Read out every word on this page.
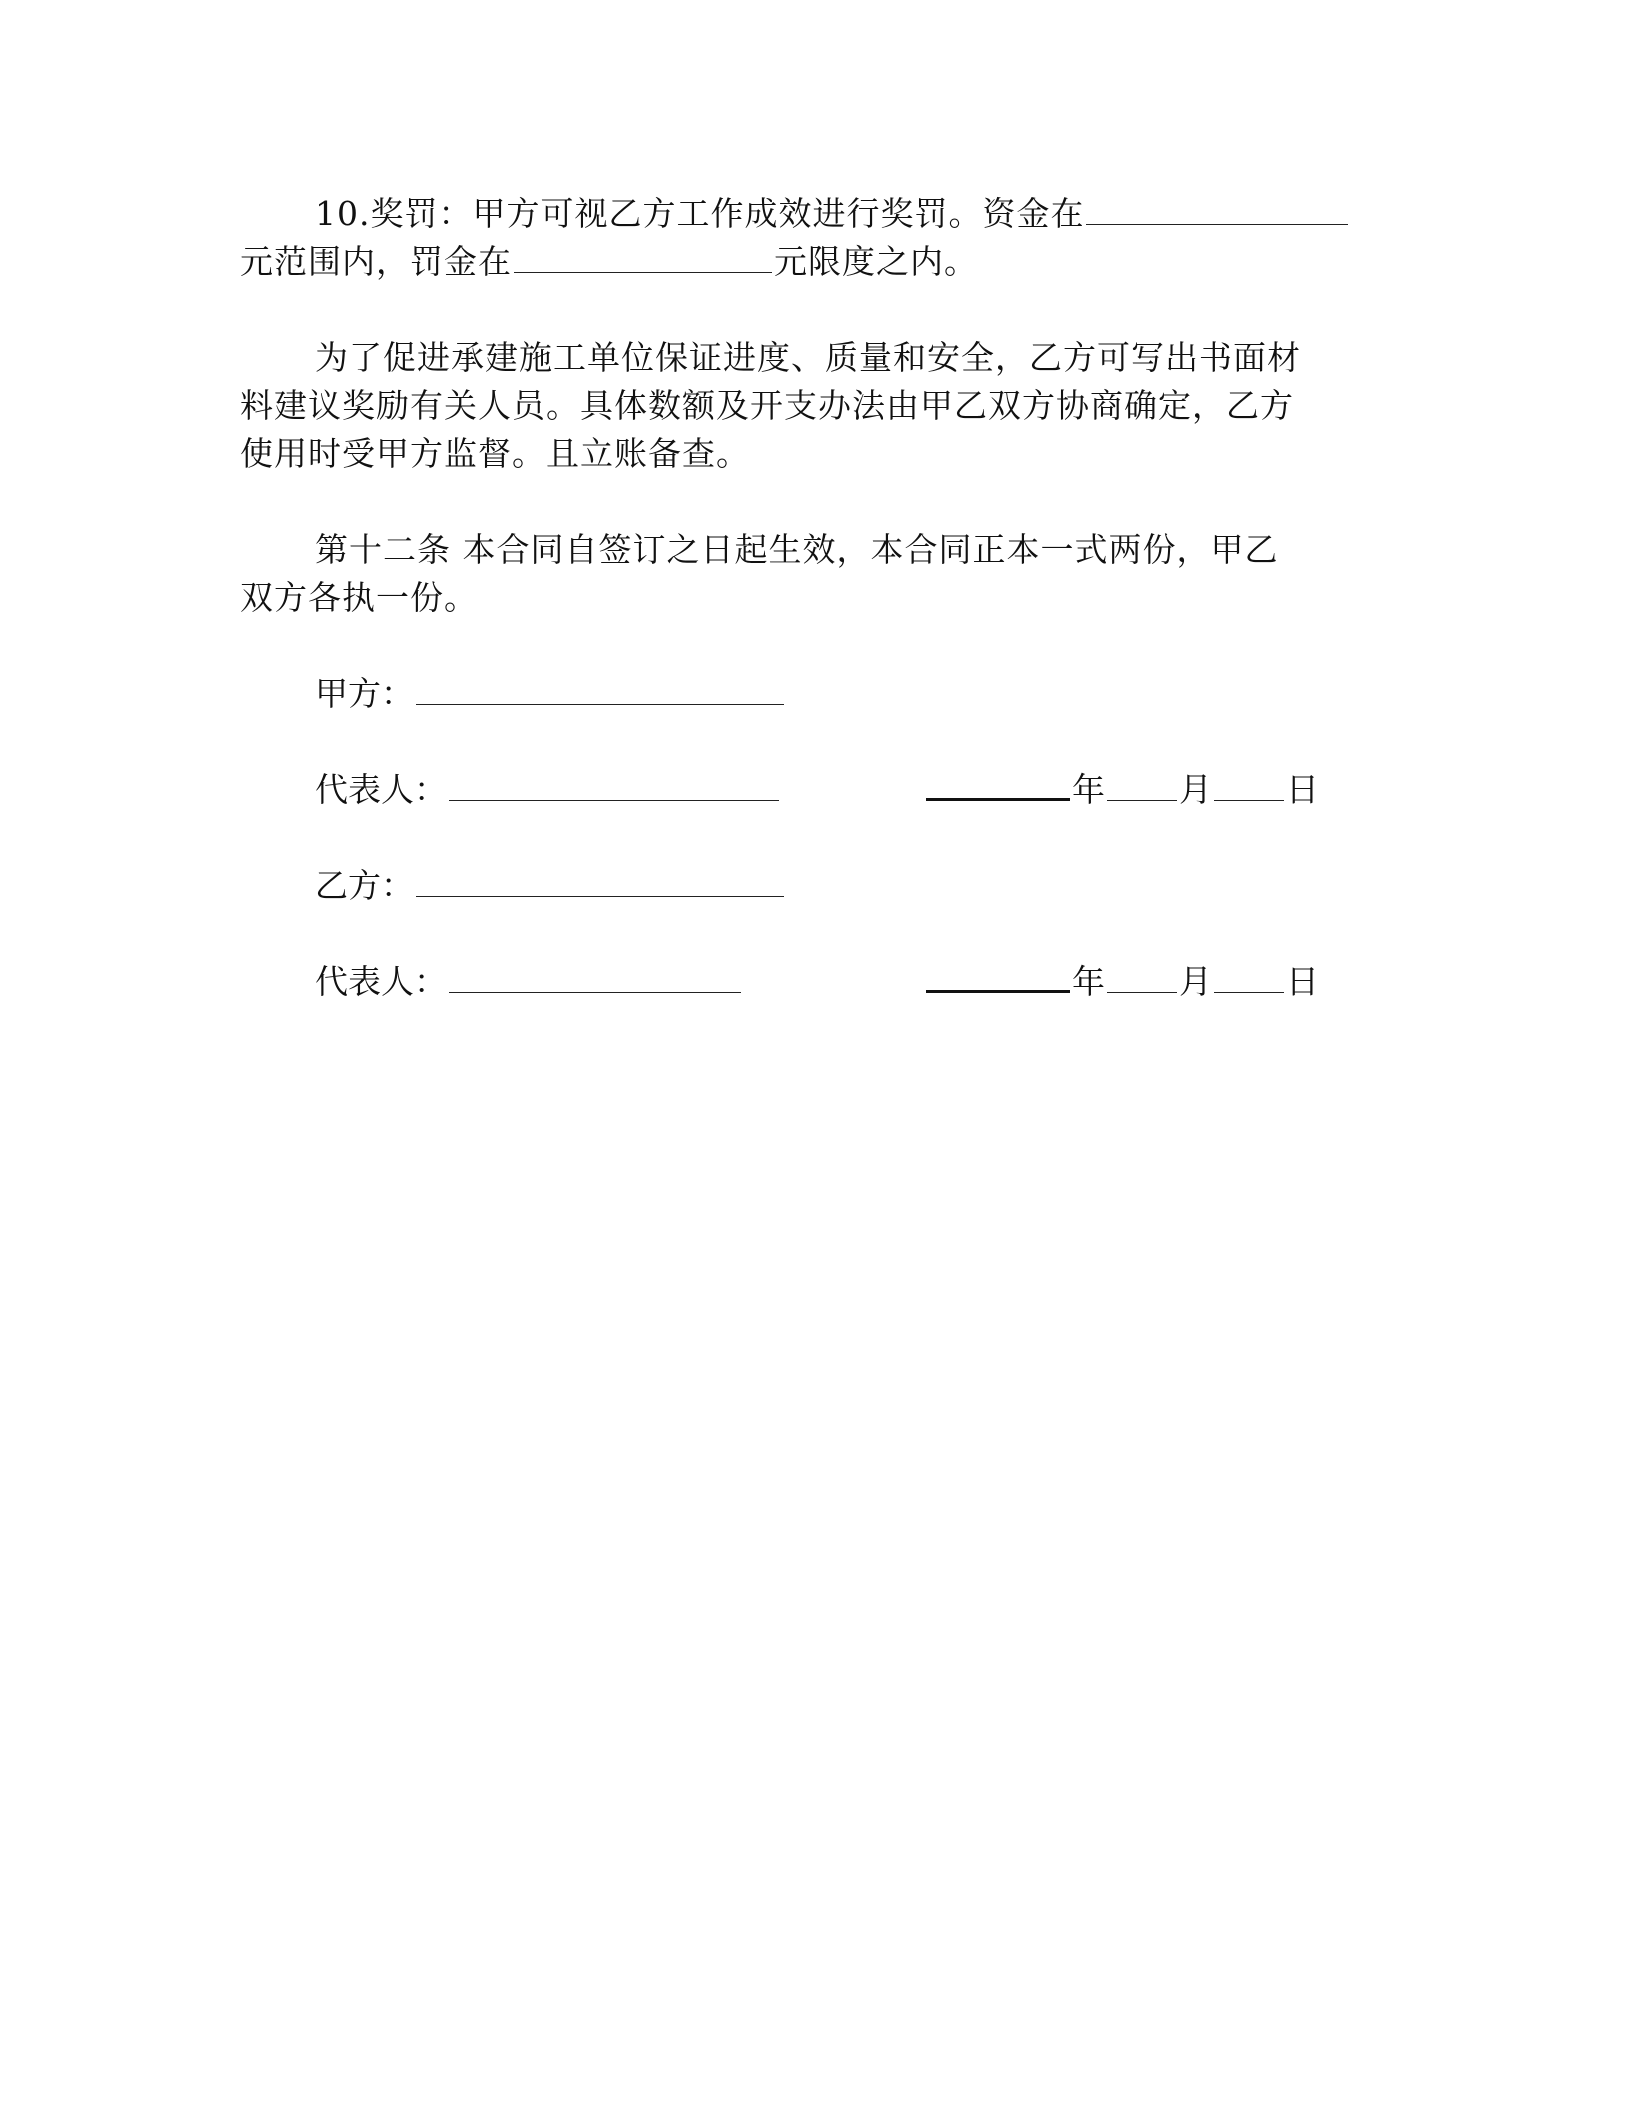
10.奖罚：甲方可视乙方工作成效进行奖罚。资金在
元范围内，罚金在	元限度之内。
为了促进承建施工单位保证进度、质量和安全，乙方可写出书面材
料建议奖励有关人员。具体数额及开支办法由甲乙双方协商确定，乙方
使用时受甲方监督。且立账备查。
第十二条 本合同自签订之日起生效，本合同正本一式两份，甲乙
双方各执一份。
甲方：
代表人：	年 月 日
乙方：
代表人：	年 月 日
